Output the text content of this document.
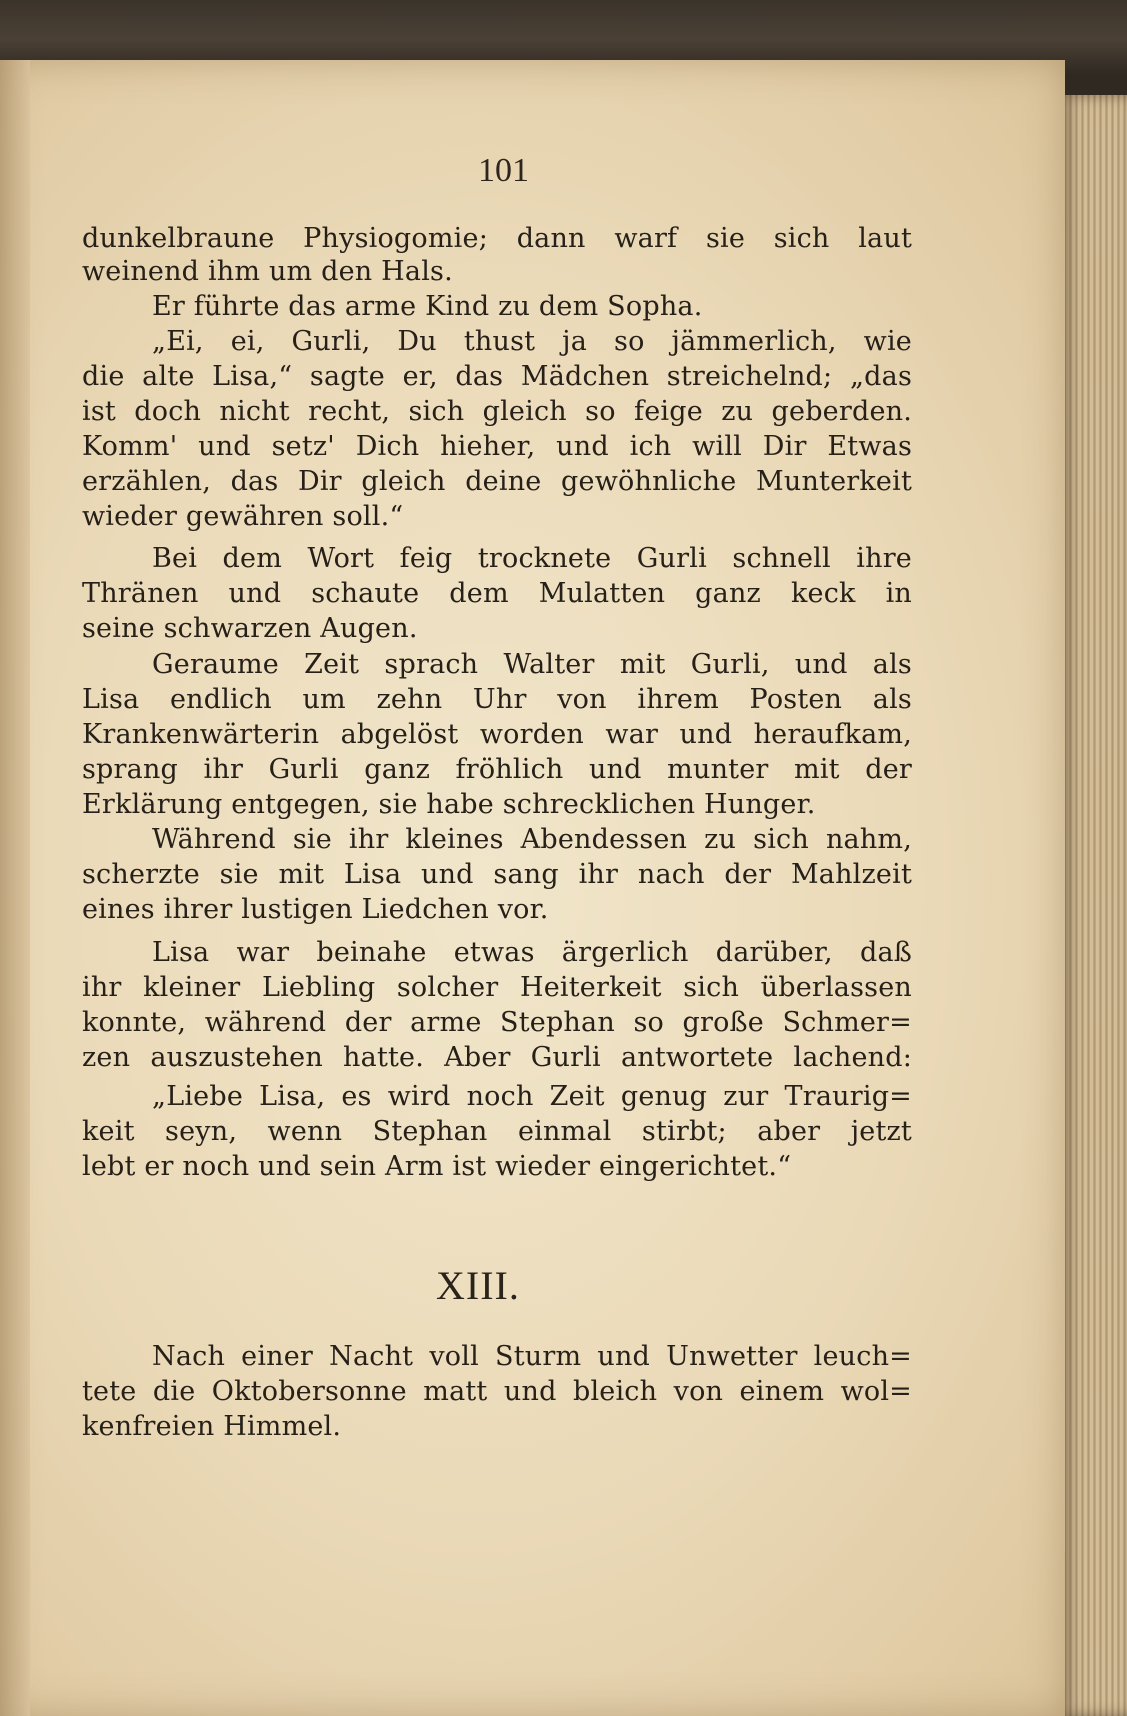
101
dunkelbraune Physiogomie; dann warf sie sich laut
weinend ihm um den Hals.
Er führte das arme Kind zu dem Sopha.
„Ei, ei, Gurli, Du thust ja so jämmerlich, wie
die alte Lisa,“ sagte er, das Mädchen streichelnd; „das
ist doch nicht recht, sich gleich so feige zu geberden.
Komm' und setz' Dich hieher, und ich will Dir Etwas
erzählen, das Dir gleich deine gewöhnliche Munterkeit
wieder gewähren soll.“
Bei dem Wort feig trocknete Gurli schnell ihre
Thränen und schaute dem Mulatten ganz keck in
seine schwarzen Augen.
Geraume Zeit sprach Walter mit Gurli, und als
Lisa endlich um zehn Uhr von ihrem Posten als
Krankenwärterin abgelöst worden war und heraufkam,
sprang ihr Gurli ganz fröhlich und munter mit der
Erklärung entgegen, sie habe schrecklichen Hunger.
Während sie ihr kleines Abendessen zu sich nahm,
scherzte sie mit Lisa und sang ihr nach der Mahlzeit
eines ihrer lustigen Liedchen vor.
Lisa war beinahe etwas ärgerlich darüber, daß
ihr kleiner Liebling solcher Heiterkeit sich überlassen
konnte, während der arme Stephan so große Schmer=
zen auszustehen hatte. Aber Gurli antwortete lachend:
„Liebe Lisa, es wird noch Zeit genug zur Traurig=
keit seyn, wenn Stephan einmal stirbt; aber jetzt
lebt er noch und sein Arm ist wieder eingerichtet.“
Nach einer Nacht voll Sturm und Unwetter leuch=
tete die Oktobersonne matt und bleich von einem wol=
kenfreien Himmel.
XIII.
